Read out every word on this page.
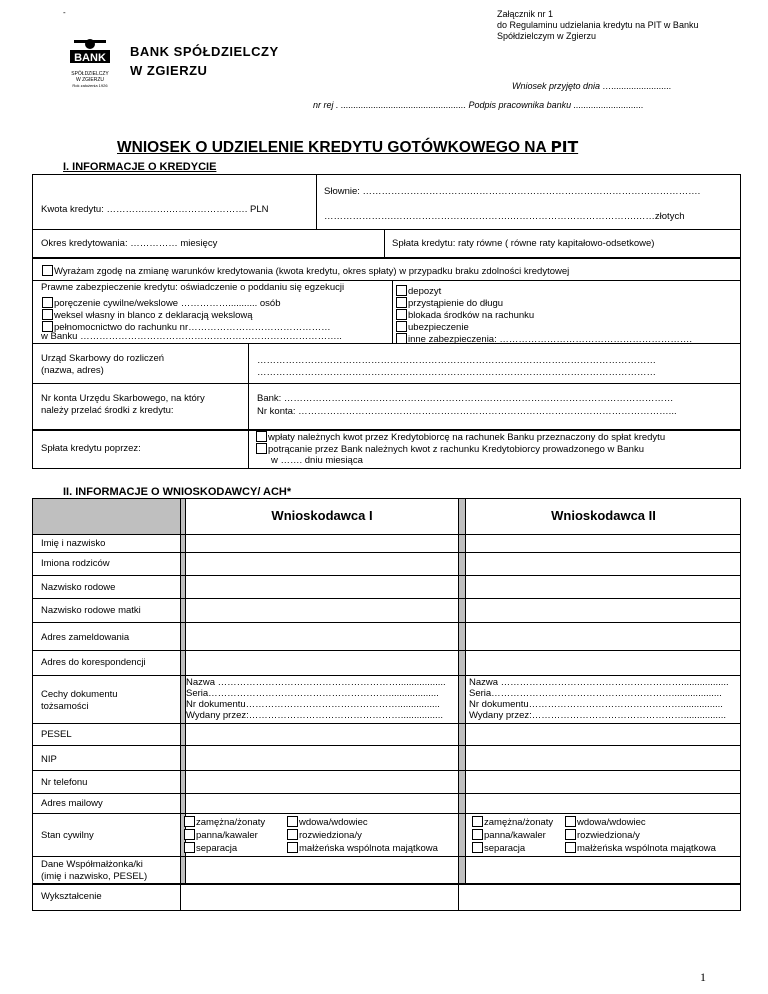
-
BANK
SPÓŁDZIELCZY
W ZGIERZU
Rok założenia 1926
BANK SPÓŁDZIELCZY
W ZGIERZU
Załącznik nr 1
do Regulaminu udzielania kredytu na PIT w Banku
Spółdzielczym w Zgierzu
Wniosek przyjęto dnia …........................
nr rej . .................................................. Podpis pracownika banku ............................
WNIOSEK O UDZIELENIE KREDYTU GOTÓWKOWEGO NA PIT
I. INFORMACJE O KREDYCIE
Słownie: …………………………….……………………………………………………………….
Kwota kredytu: ………….…….……………………. PLN
………………….……………………………….………………………………….……złotych
Okres kredytowania: …………… miesięcy	Spłata kredytu: raty równe ( równe raty kapitałowo-odsetkowe)
Wyrażam zgodę na zmianę warunków kredytowania (kwota kredytu, okres spłaty) w przypadku braku zdolności kredytowej
Prawne zabezpieczenie kredytu: oświadczenie o poddaniu się egzekucji
poręczenie cywilne/wekslowe ……………........... osób
weksel własny in blanco z deklaracją wekslową
pełnomocnictwo do rachunku nr………………………………………
w Banku ………………………………………………………………………..
depozyt
przystąpienie do długu
blokada środków na rachunku
ubezpieczenie
inne zabezpieczenia: …………………………………………………….
Urząd Skarbowy do rozliczeń
(nazwa, adres)
………………………………………………………………………………………………………………
………………………………………………………………………………………………………………
Nr konta Urzędu Skarbowego, na który
należy przelać środki z kredytu:
Bank: ……………………………………………………………………………………………………………
Nr konta: ………………………………………………………………………………………………………...
Spłata kredytu poprzez:
wpłaty należnych kwot przez Kredytobiorcę na rachunek Banku przeznaczony do spłat kredytu
potrącanie przez Bank należnych kwot z rachunku Kredytobiorcy prowadzonego w Banku
w ……. dniu miesiąca
II. INFORMACJE O WNIOSKODAWCY/ ACH*
Wnioskodawca I	Wnioskodawca II
Imię i nazwisko
Imiona rodziców
Nazwisko rodowe
Nazwisko rodowe matki
Adres zameldowania
Adres do korespondencji
Cechy dokumentu
tożsamości
Nazwa …………………………………………………..................
Seria…………………………………………………...................
Nr dokumentu…………………………………………................
Wydany przez:…………………………………………................
Nazwa …………………………………………………..................
Seria…………………………………………………...................
Nr dokumentu…………………………………………................
Wydany przez:…………………………………………................
PESEL
NIP
Nr telefonu
Adres mailowy
Stan cywilny
zamężna/żonaty
panna/kawaler
separacja
wdowa/wdowiec
rozwiedziona/y
małżeńska wspólnota majątkowa
zamężna/żonaty
panna/kawaler
separacja
wdowa/wdowiec
rozwiedziona/y
małżeńska wspólnota majątkowa
Dane Współmałżonka/ki
(imię i nazwisko, PESEL)
Wykształcenie
1
